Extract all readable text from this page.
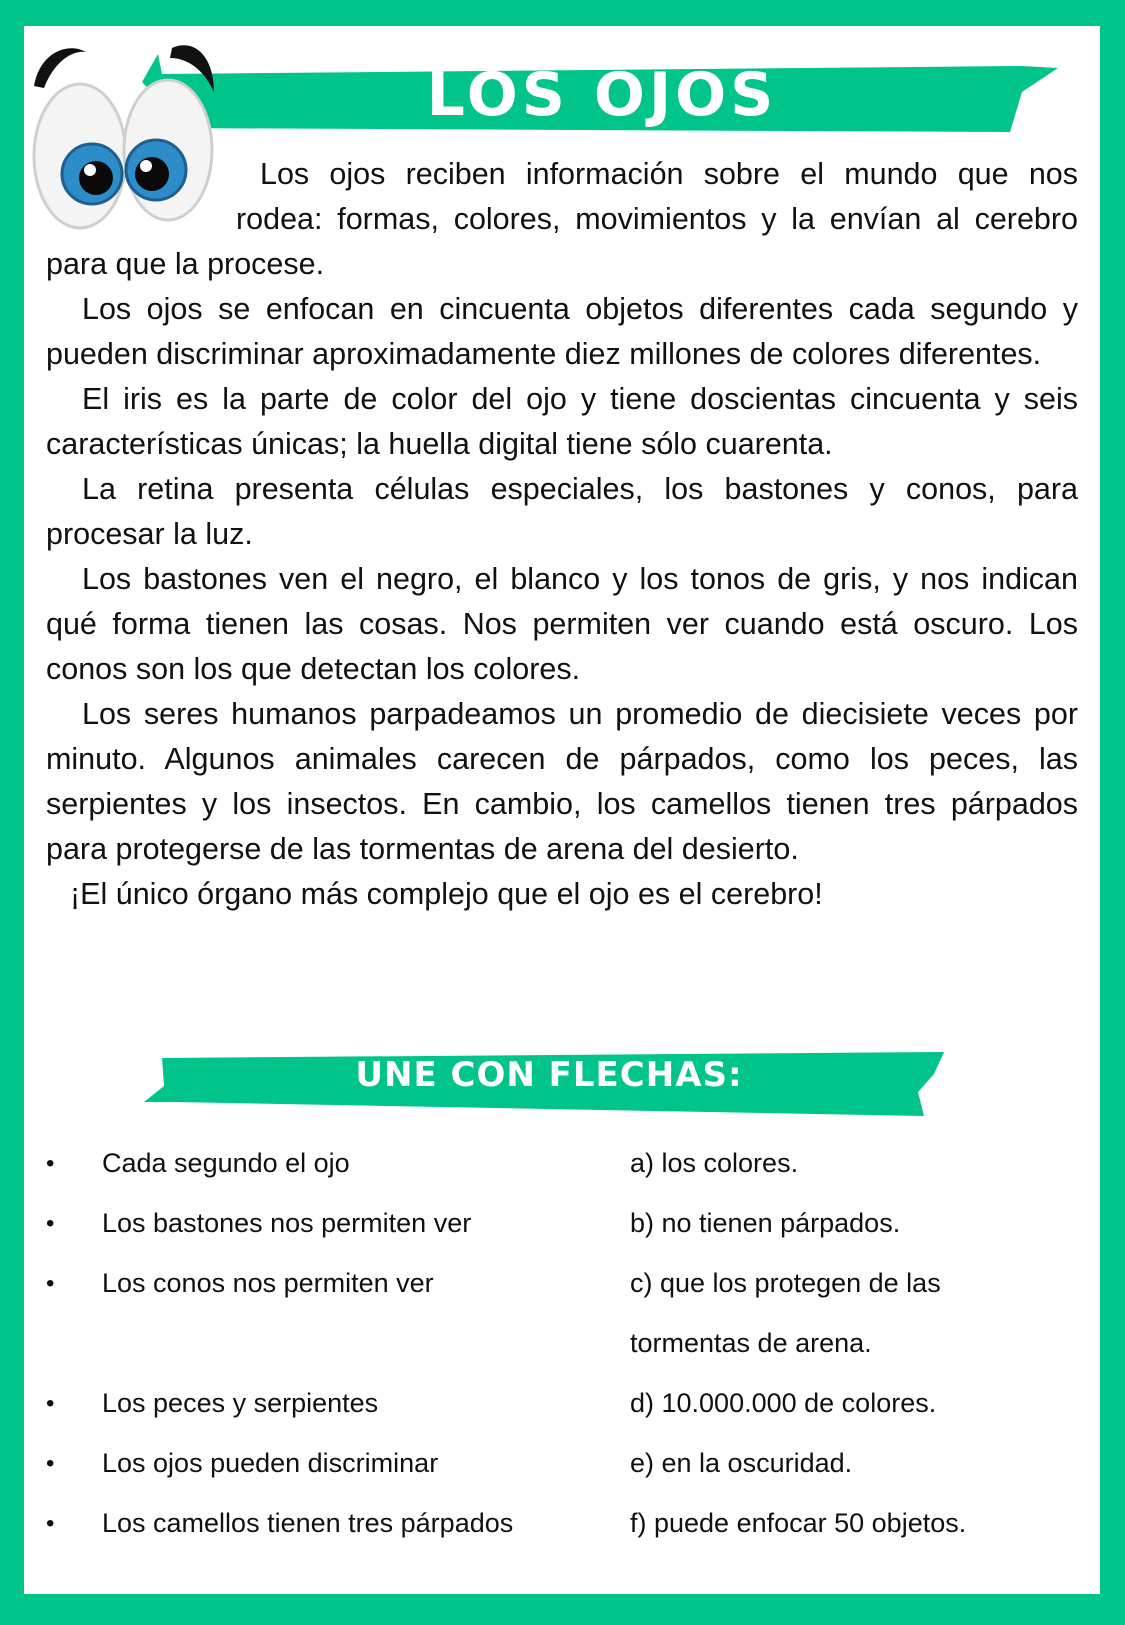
LOS OJOS

Los ojos reciben información sobre el mundo que nos rodea: formas, colores, movimientos y la envían al cerebro para que la procese.

Los ojos se enfocan en cincuenta objetos diferentes cada segundo y pueden discriminar aproximadamente diez millones de colores diferentes.

El iris es la parte de color del ojo y tiene doscientas cincuenta y seis características únicas; la huella digital tiene sólo cuarenta.

La retina presenta células especiales, los bastones y conos, para procesar la luz.

Los bastones ven el negro, el blanco y los tonos de gris, y nos indican qué forma tienen las cosas. Nos permiten ver cuando está oscuro. Los conos son los que detectan los colores.

Los seres humanos parpadeamos un promedio de diecisiete veces por minuto. Algunos animales carecen de párpados, como los peces, las serpientes y los insectos. En cambio, los camellos tienen tres párpados para protegerse de las tormentas de arena del desierto.

¡El único órgano más complejo que el ojo es el cerebro!

UNE CON FLECHAS:
• Cada segundo el ojo	a) los colores.
• Los bastones nos permiten ver	b) no tienen párpados.
• Los conos nos permiten ver	c) que los protegen de las
tormentas de arena.
• Los peces y serpientes	d) 10.000.000 de colores.
• Los ojos pueden discriminar	e) en la oscuridad.
• Los camellos tienen tres párpados	f) puede enfocar 50 objetos.
